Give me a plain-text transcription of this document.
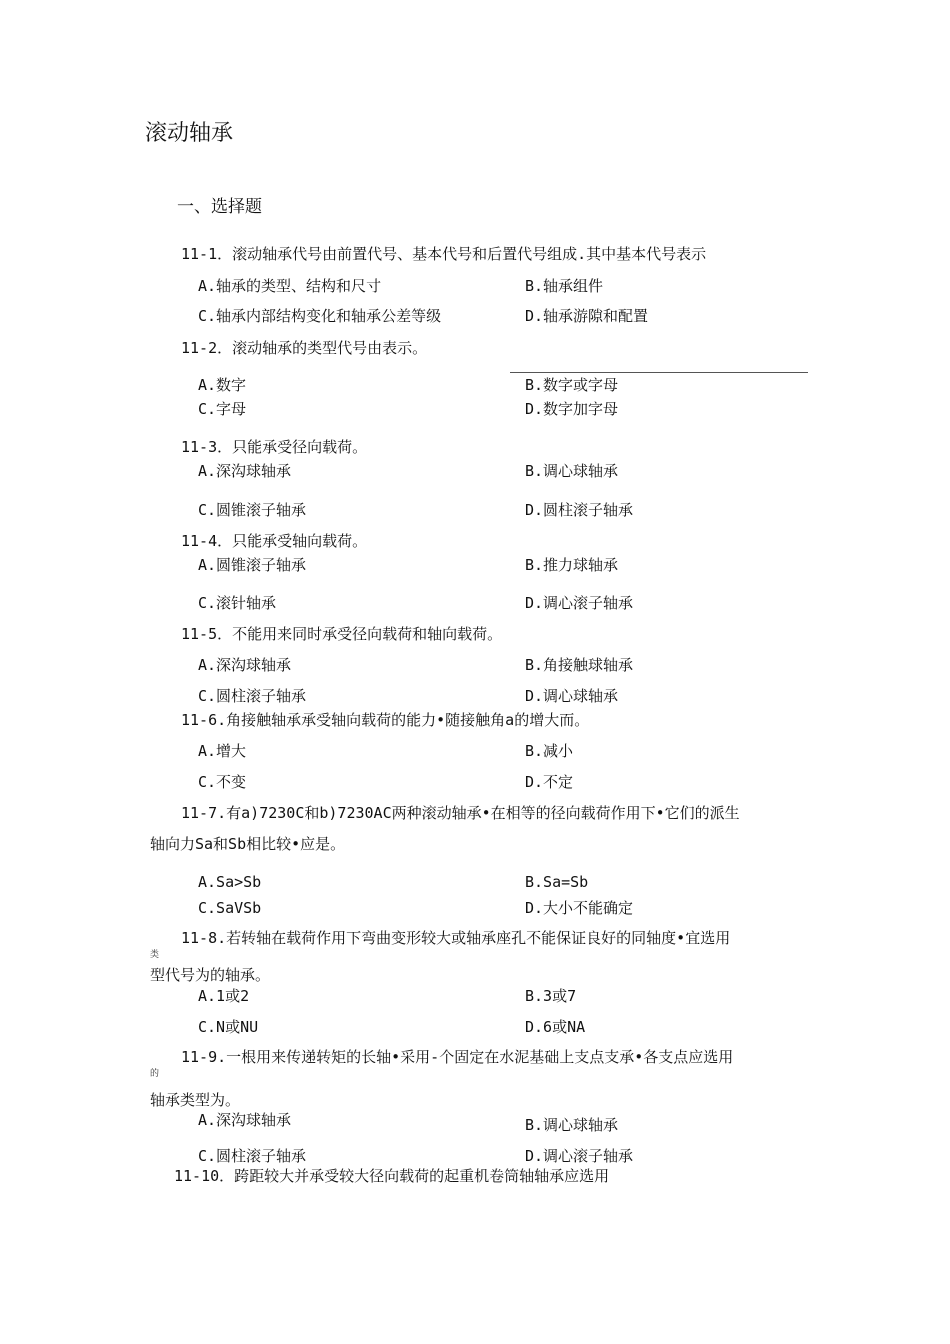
滚动轴承
一、选择题
11-1．滚动轴承代号由前置代号、基本代号和后置代号组成.其中基本代号表示
A.轴承的类型、结构和尺寸	B.轴承组件
C.轴承内部结构变化和轴承公差等级	D.轴承游隙和配置
11-2．滚动轴承的类型代号由表示。
A.数字	B.数字或字母
C.字母	D.数字加字母
11-3．只能承受径向载荷。
A.深沟球轴承	B.调心球轴承
C.圆锥滚子轴承	D.圆柱滚子轴承
11-4．只能承受轴向载荷。
A.圆锥滚子轴承	B.推力球轴承
C.滚针轴承	D.调心滚子轴承
11-5．不能用来同时承受径向载荷和轴向载荷。
A.深沟球轴承	B.角接触球轴承
C.圆柱滚子轴承	D.调心球轴承
11-6.角接触轴承承受轴向载荷的能力•随接触角a的增大而。
A.增大	B.减小
C.不变	D.不定
11-7.有a)7230C和b)7230AC两种滚动轴承•在相等的径向载荷作用下•它们的派生
轴向力Sa和Sb相比较•应是。
A.Sa>Sb	B.Sa=Sb
C.SaVSb	D.大小不能确定
11-8.若转轴在载荷作用下弯曲变形较大或轴承座孔不能保证良好的同轴度•宜选用
类
型代号为的轴承。
A.1或2	B.3或7
C.N或NU	D.6或NA
11-9.一根用来传递转矩的长轴•采用-个固定在水泥基础上支点支承•各支点应选用
的
轴承类型为。
A.深沟球轴承	B.调心球轴承
C.圆柱滚子轴承	D.调心滚子轴承
11-10．跨距较大并承受较大径向载荷的起重机卷筒轴轴承应选用
